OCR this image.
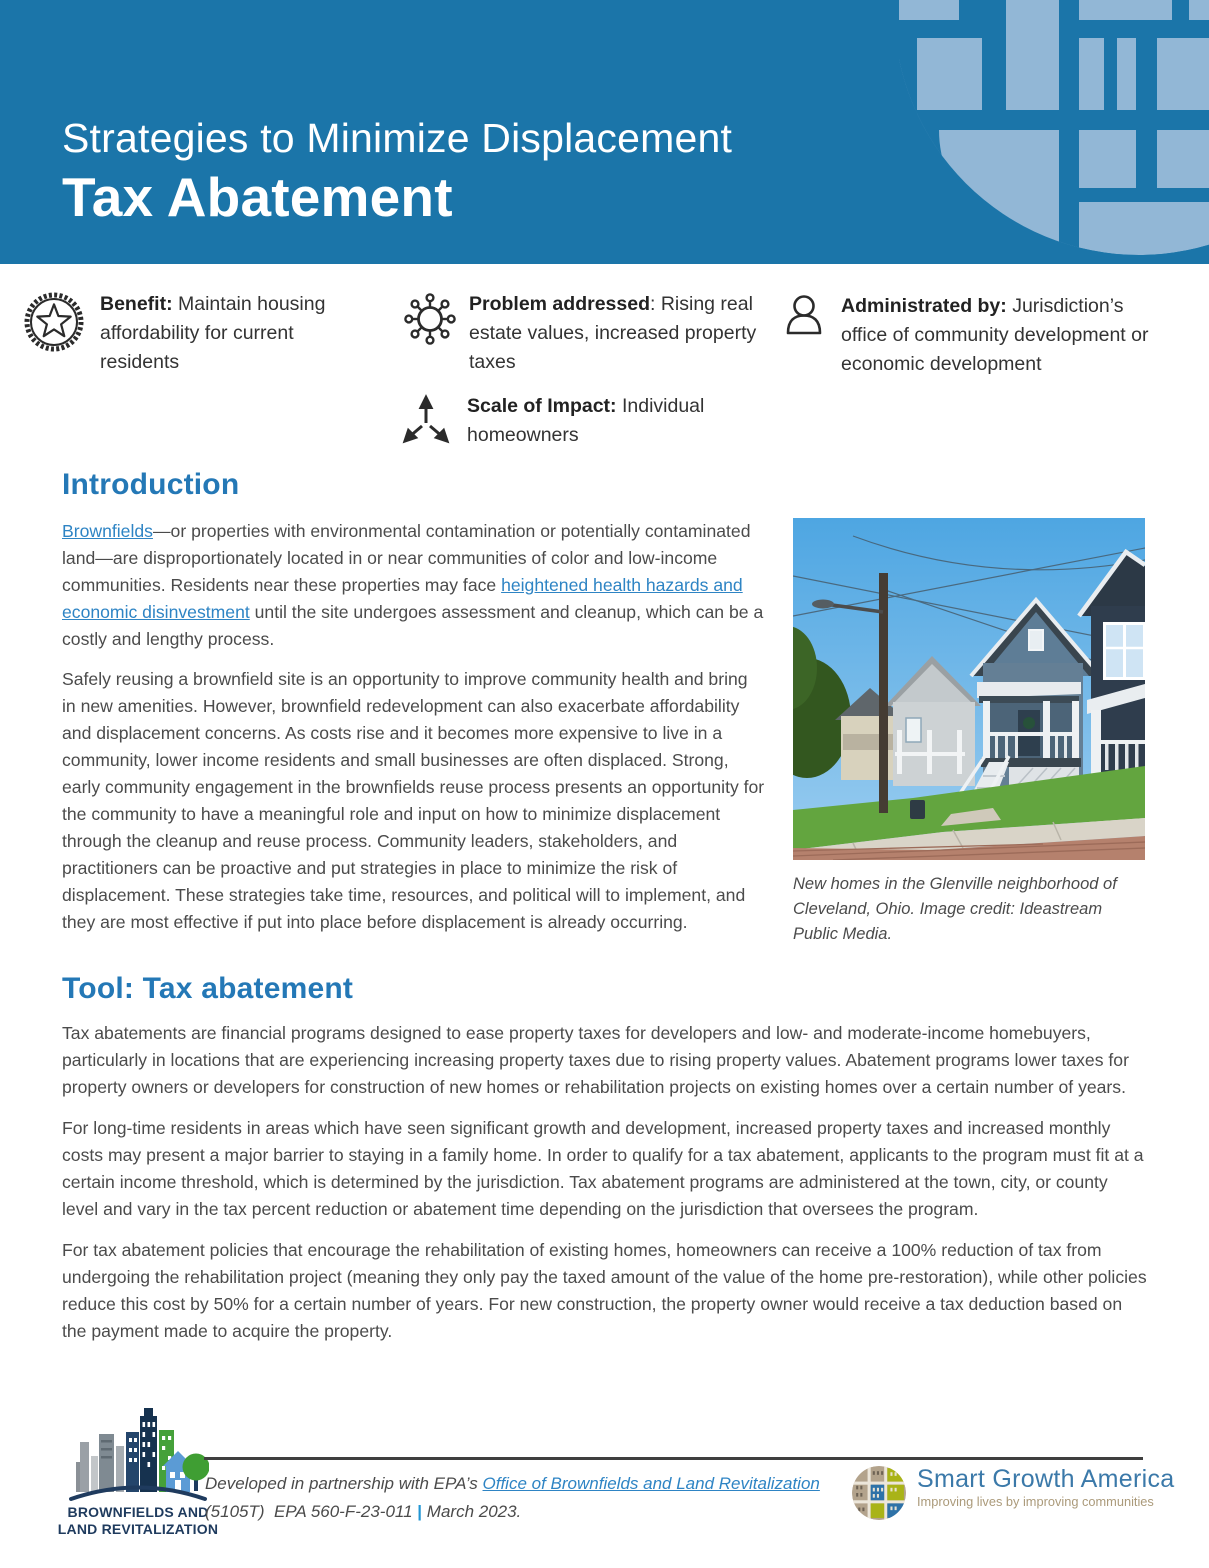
Strategies to Minimize Displacement
Tax Abatement

Benefit: Maintain housing affordability for current residents

Problem addressed: Rising real estate values, increased property taxes

Scale of Impact: Individual homeowners

Administrated by: Jurisdiction’s office of community development or economic development

Introduction

Brownfields—or properties with environmental contamination or potentially contaminated land—are disproportionately located in or near communities of color and low-income communities. Residents near these properties may face heightened health hazards and economic disinvestment until the site undergoes assessment and cleanup, which can be a costly and lengthy process.

Safely reusing a brownfield site is an opportunity to improve community health and bring in new amenities. However, brownfield redevelopment can also exacerbate affordability and displacement concerns. As costs rise and it becomes more expensive to live in a community, lower income residents and small businesses are often displaced. Strong, early community engagement in the brownfields reuse process presents an opportunity for the community to have a meaningful role and input on how to minimize displacement through the cleanup and reuse process. Community leaders, stakeholders, and practitioners can be proactive and put strategies in place to minimize the risk of displacement. These strategies take time, resources, and political will to implement, and they are most effective if put into place before displacement is already occurring.

New homes in the Glenville neighborhood of Cleveland, Ohio. Image credit: Ideastream Public Media.
Tool: Tax abatement

Tax abatements are financial programs designed to ease property taxes for developers and low- and moderate-income homebuyers, particularly in locations that are experiencing increasing property taxes due to rising property values. Abatement programs lower taxes for property owners or developers for construction of new homes or rehabilitation projects on existing homes over a certain number of years.

For long-time residents in areas which have seen significant growth and development, increased property taxes and increased monthly costs may present a major barrier to staying in a family home. In order to qualify for a tax abatement, applicants to the program must fit at a certain income threshold, which is determined by the jurisdiction. Tax abatement programs are administered at the town, city, or county level and vary in the tax percent reduction or abatement time depending on the jurisdiction that oversees the program.

For tax abatement policies that encourage the rehabilitation of existing homes, homeowners can receive a 100% reduction of tax from undergoing the rehabilitation project (meaning they only pay the taxed amount of the value of the home pre-restoration), while other policies reduce this cost by 50% for a certain number of years. For new construction, the property owner would receive a tax deduction based on the payment made to acquire the property.

BROWNFIELDS AND
LAND REVITALIZATION

Developed in partnership with EPA’s Office of Brownfields and Land Revitalization (5105T)  EPA 560-F-23-011 | March 2023.

Smart Growth America
Improving lives by improving communities
